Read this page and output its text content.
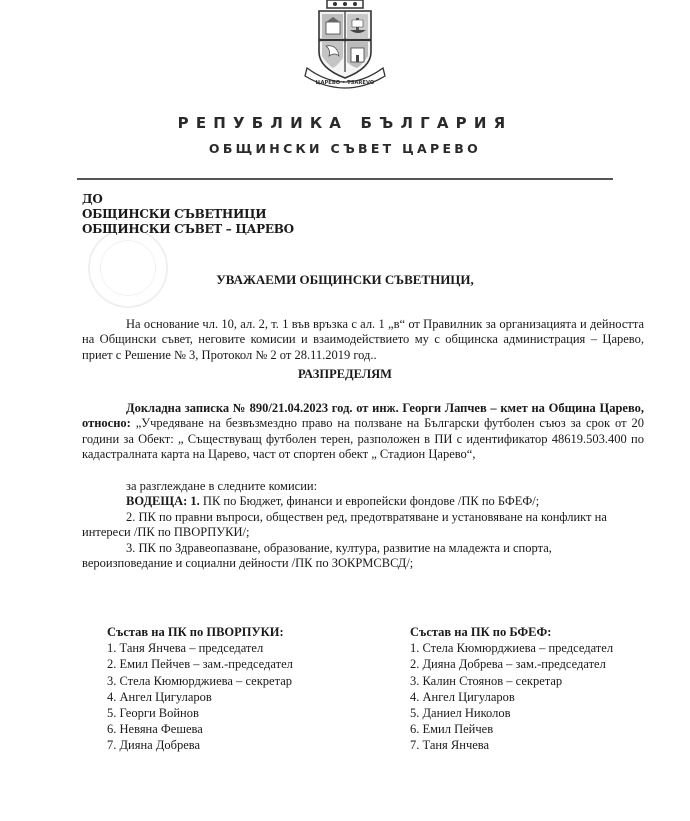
ЦАРЕВО • TSAREVO
РЕПУБЛИКА БЪЛГАРИЯ
ОБЩИНСКИ СЪВЕТ ЦАРЕВО
ДО
ОБЩИНСКИ СЪВЕТНИЦИ
ОБЩИНСКИ СЪВЕТ – ЦАРЕВО
УВАЖАЕМИ ОБЩИНСКИ СЪВЕТНИЦИ,
На основание чл. 10, ал. 2, т. 1 във връзка с ал. 1 „в“ от Правилник за организацията и дейността на Общински съвет, неговите комисии и взаимодействието му с общинска администрация – Царево, приет с Решение № 3, Протокол № 2 от 28.11.2019 год..
РАЗПРЕДЕЛЯМ
Докладна записка № 890/21.04.2023 год. от инж. Георги Лапчев – кмет на Община Царево, относно: „Учредяване на безвъзмездно право на ползване на Български футболен съюз за срок от 20 години за Обект: „ Съществуващ футболен терен, разположен в ПИ с идентификатор 48619.503.400 по кадастралната карта на Царево, част от спортен обект „ Стадион Царево“,
за разглеждане в следните комисии:
ВОДЕЩА: 1. ПК по Бюджет, финанси и европейски фондове /ПК по БФЕФ/;
2. ПК по правни въпроси, обществен ред, предотвратяване и установяване на конфликт на интереси /ПК по ПВОРПУКИ/;
3. ПК по Здравеопазване, образование, култура, развитие на младежта и спорта, вероизповедание и социални дейности /ПК по ЗОКРМСВСД/;
Състав на ПК по ПВОРПУКИ:
1. Таня Янчева – председател
2. Емил Пейчев – зам.-председател
3. Стела Кюмюрджиева – секретар
4. Ангел Цигуларов
5. Георги Войнов
6. Невяна Фешева
7. Дияна Добрева
Състав на ПК по БФЕФ:
1. Стела Кюмюрджиева – председател
2. Дияна Добрева – зам.-председател
3. Калин Стоянов – секретар
4. Ангел Цигуларов
5. Даниел Николов
6. Емил Пейчев
7. Таня Янчева
